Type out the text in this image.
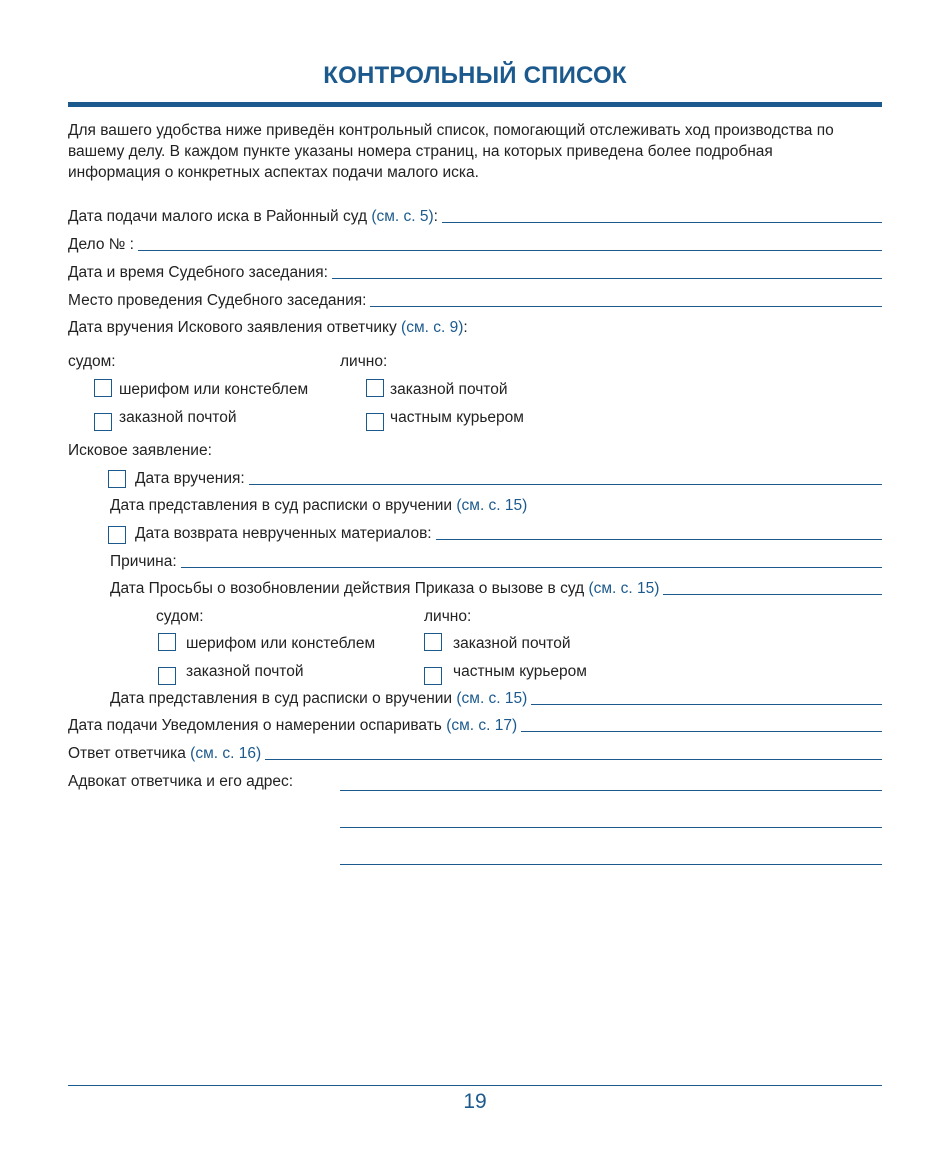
КОНТРОЛЬНЫЙ СПИСОК
Для вашего удобства ниже приведён контрольный список, помогающий отслеживать ход производства по вашему делу. В каждом пункте указаны номера страниц, на которых приведена более подробная информация о конкретных аспектах подачи малого иска.
Дата подачи малого иска в Районный суд (см. с. 5):
Дело № :
Дата и время Судебного заседания:
Место проведения Судебного заседания:
Дата вручения Искового заявления ответчику (см. с. 9):
судом:	лично:
шерифом или констеблем	заказной почтой
заказной почтой	частным курьером
Исковое заявление:
Дата вручения:
Дата представления в суд расписки о вручении (см. с. 15)
Дата возврата неврученных материалов:
Причина:
Дата Просьбы о возобновлении действия Приказа о вызове в суд (см. с. 15)
судом:	лично:
шерифом или констеблем	заказной почтой
заказной почтой	частным курьером
Дата представления в суд расписки о вручении (см. с. 15)
Дата подачи Уведомления о намерении оспаривать (см. с. 17)
Ответ ответчика (см. с. 16)
Адвокат ответчика и его адрес:
19
